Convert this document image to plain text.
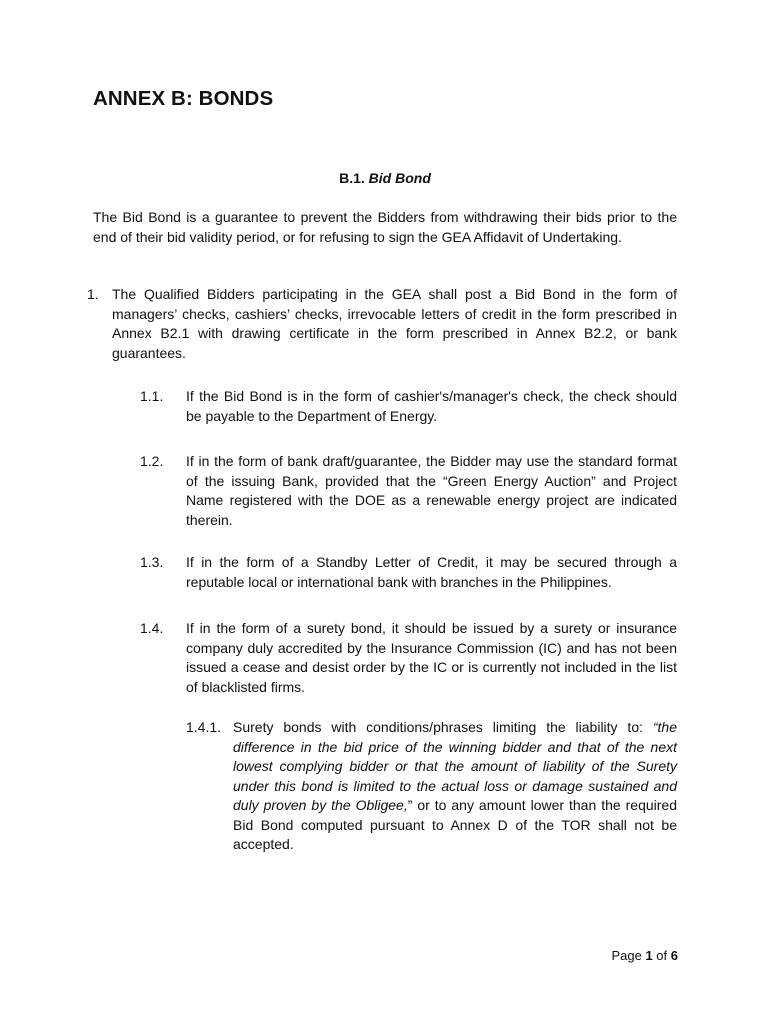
ANNEX B: BONDS

B.1. Bid Bond

The Bid Bond is a guarantee to prevent the Bidders from withdrawing their bids prior to the end of their bid validity period, or for refusing to sign the GEA Affidavit of Undertaking.

1. The Qualified Bidders participating in the GEA shall post a Bid Bond in the form of managers’ checks, cashiers’ checks, irrevocable letters of credit in the form prescribed in Annex B2.1 with drawing certificate in the form prescribed in Annex B2.2, or bank guarantees.

1.1. If the Bid Bond is in the form of cashier's/manager's check, the check should be payable to the Department of Energy.

1.2. If in the form of bank draft/guarantee, the Bidder may use the standard format of the issuing Bank, provided that the “Green Energy Auction” and Project Name registered with the DOE as a renewable energy project are indicated therein.

1.3. If in the form of a Standby Letter of Credit, it may be secured through a reputable local or international bank with branches in the Philippines.

1.4. If in the form of a surety bond, it should be issued by a surety or insurance company duly accredited by the Insurance Commission (IC) and has not been issued a cease and desist order by the IC or is currently not included in the list of blacklisted firms.

1.4.1. Surety bonds with conditions/phrases limiting the liability to: “the difference in the bid price of the winning bidder and that of the next lowest complying bidder or that the amount of liability of the Surety under this bond is limited to the actual loss or damage sustained and duly proven by the Obligee,” or to any amount lower than the required Bid Bond computed pursuant to Annex D of the TOR shall not be accepted.

Page 1 of 6
